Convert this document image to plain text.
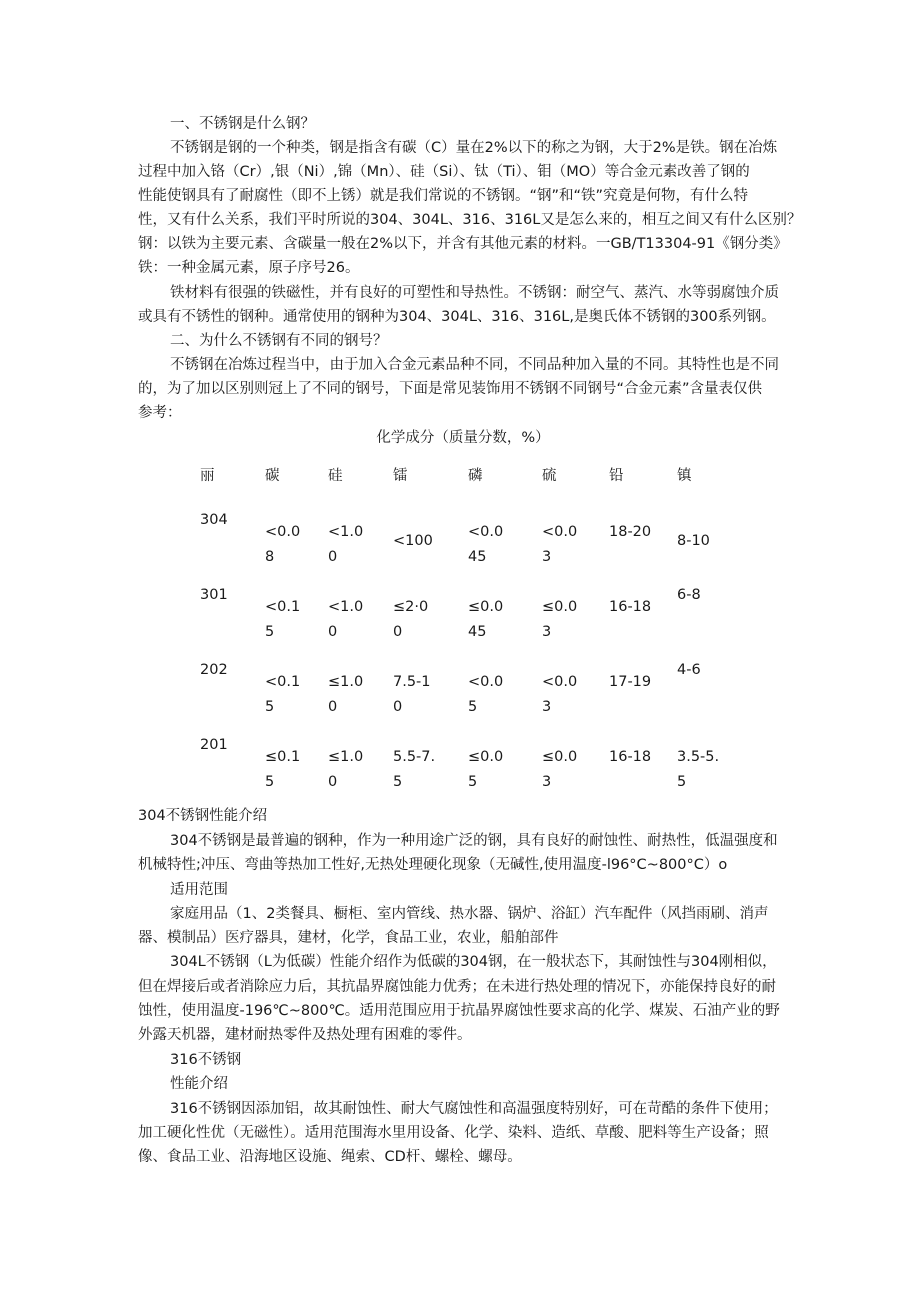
一、不锈钢是什么钢？
不锈钢是钢的一个种类，钢是指含有碳（C）量在2%以下的称之为钢，大于2%是铁。钢在冶炼
过程中加入铬（Cr）,银（Ni）,锦（Mn）、硅（Si）、钛（Ti）、钼（MO）等合金元素改善了钢的
性能使钢具有了耐腐性（即不上锈）就是我们常说的不锈钢。“钢”和“铁”究竟是何物，有什么特
性，又有什么关系，我们平时所说的304、304L、316、316L又是怎么来的，相互之间又有什么区别？
钢：以铁为主要元素、含碳量一般在2%以下，并含有其他元素的材料。一GB/T13304-91《钢分类》
铁：一种金属元素，原子序号26。
铁材料有很强的铁磁性，并有良好的可塑性和导热性。不锈钢：耐空气、蒸汽、水等弱腐蚀介质
或具有不锈性的钢种。通常使用的钢种为304、304L、316、316L,是奥氏体不锈钢的300系列钢。
二、为什么不锈钢有不同的钢号？
不锈钢在冶炼过程当中，由于加入合金元素品种不同，不同品种加入量的不同。其特性也是不同
的，为了加以区别则冠上了不同的钢号，下面是常见装饰用不锈钢不同钢号“合金元素”含量表仅供
参考：
化学成分（质量分数，%）
丽	碳	硅	镭	磷	硫	铅	镇
304	<0.08	<1.00	<100	<0.045	<0.03	18-20	8-10
301	<0.15	<1.00	≤2·00	≤0.045	≤0.03	16-18	6-8
202	<0.15	≤1.00	7.5-10	<0.05	<0.03	17-19	4-6
201	≤0.15	≤1.00	5.5-7.5	≤0.05	≤0.03	16-18	3.5-5.5
304不锈钢性能介绍
304不锈钢是最普遍的钢种，作为一种用途广泛的钢，具有良好的耐蚀性、耐热性，低温强度和
机械特性;冲压、弯曲等热加工性好,无热处理硬化现象（无碱性,使用温度-l96°C~800°C）o
适用范围
家庭用品（1、2类餐具、橱柜、室内管线、热水器、锅炉、浴缸）汽车配件（风挡雨刷、消声
器、模制品）医疗器具，建材，化学，食品工业，农业，船舶部件
304L不锈钢（L为低碳）性能介绍作为低碳的304钢，在一般状态下，其耐蚀性与304刚相似，
但在焊接后或者消除应力后，其抗晶界腐蚀能力优秀；在未进行热处理的情况下，亦能保持良好的耐
蚀性，使用温度-196℃~800℃。适用范围应用于抗晶界腐蚀性要求高的化学、煤炭、石油产业的野
外露天机器，建材耐热零件及热处理有困难的零件。
316不锈钢
性能介绍
316不锈钢因添加铝，故其耐蚀性、耐大气腐蚀性和高温强度特别好，可在苛酷的条件下使用；
加工硬化性优（无磁性）。适用范围海水里用设备、化学、染料、造纸、草酸、肥料等生产设备；照
像、食品工业、沿海地区设施、绳索、CD杆、螺栓、螺母。
